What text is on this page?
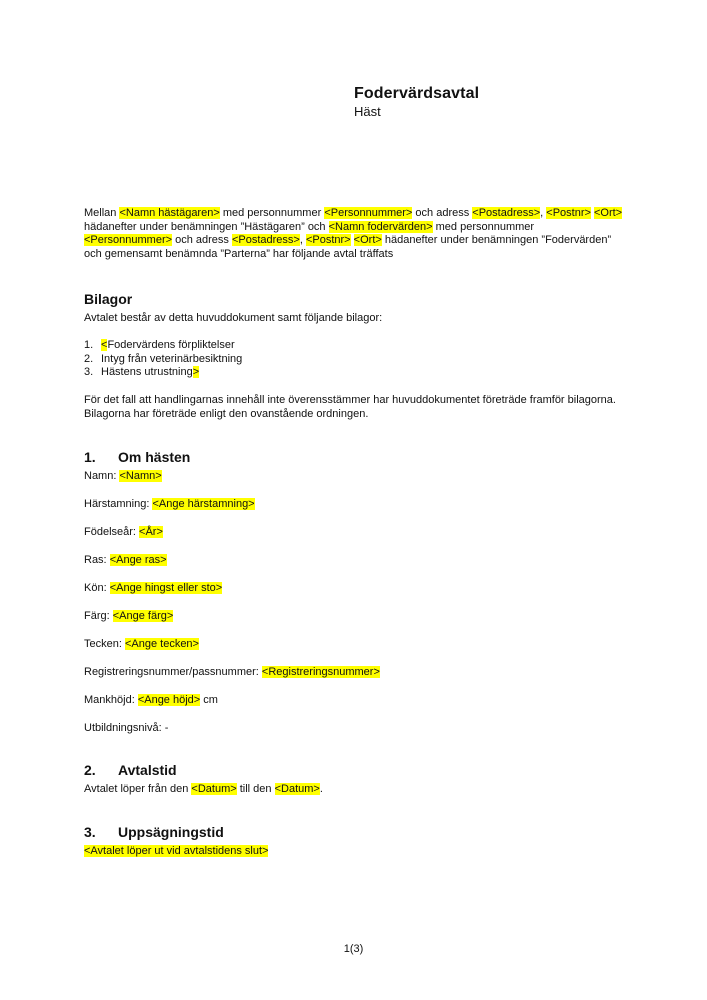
Fodervärdsavtal
Häst
Mellan <Namn hästägaren> med personnummer <Personnummer> och adress <Postadress>, <Postnr> <Ort> hädanefter under benämningen ”Hästägaren” och <Namn fodervärden> med personnummer <Personnummer> och adress <Postadress>, <Postnr> <Ort> hädanefter under benämningen ”Fodervärden” och gemensamt benämnda ”Parterna” har följande avtal träffats
Bilagor
Avtalet består av detta huvuddokument samt följande bilagor:
1. <Fodervärdens förpliktelser
2. Intyg från veterinärbesiktning
3. Hästens utrustning>
För det fall att handlingarnas innehåll inte överensstämmer har huvuddokumentet företräde framför bilagorna. Bilagorna har företräde enligt den ovanstående ordningen.
1. Om hästen
Namn: <Namn>
Härstamning: <Ange härstamning>
Födelseår: <År>
Ras: <Ange ras>
Kön: <Ange hingst eller sto>
Färg: <Ange färg>
Tecken: <Ange tecken>
Registreringsnummer/passnummer: <Registreringsnummer>
Mankhöjd: <Ange höjd> cm
Utbildningsnivå: -
2. Avtalstid
Avtalet löper från den <Datum> till den <Datum>.
3. Uppsägningstid
<Avtalet löper ut vid avtalstidens slut>
1(3)
